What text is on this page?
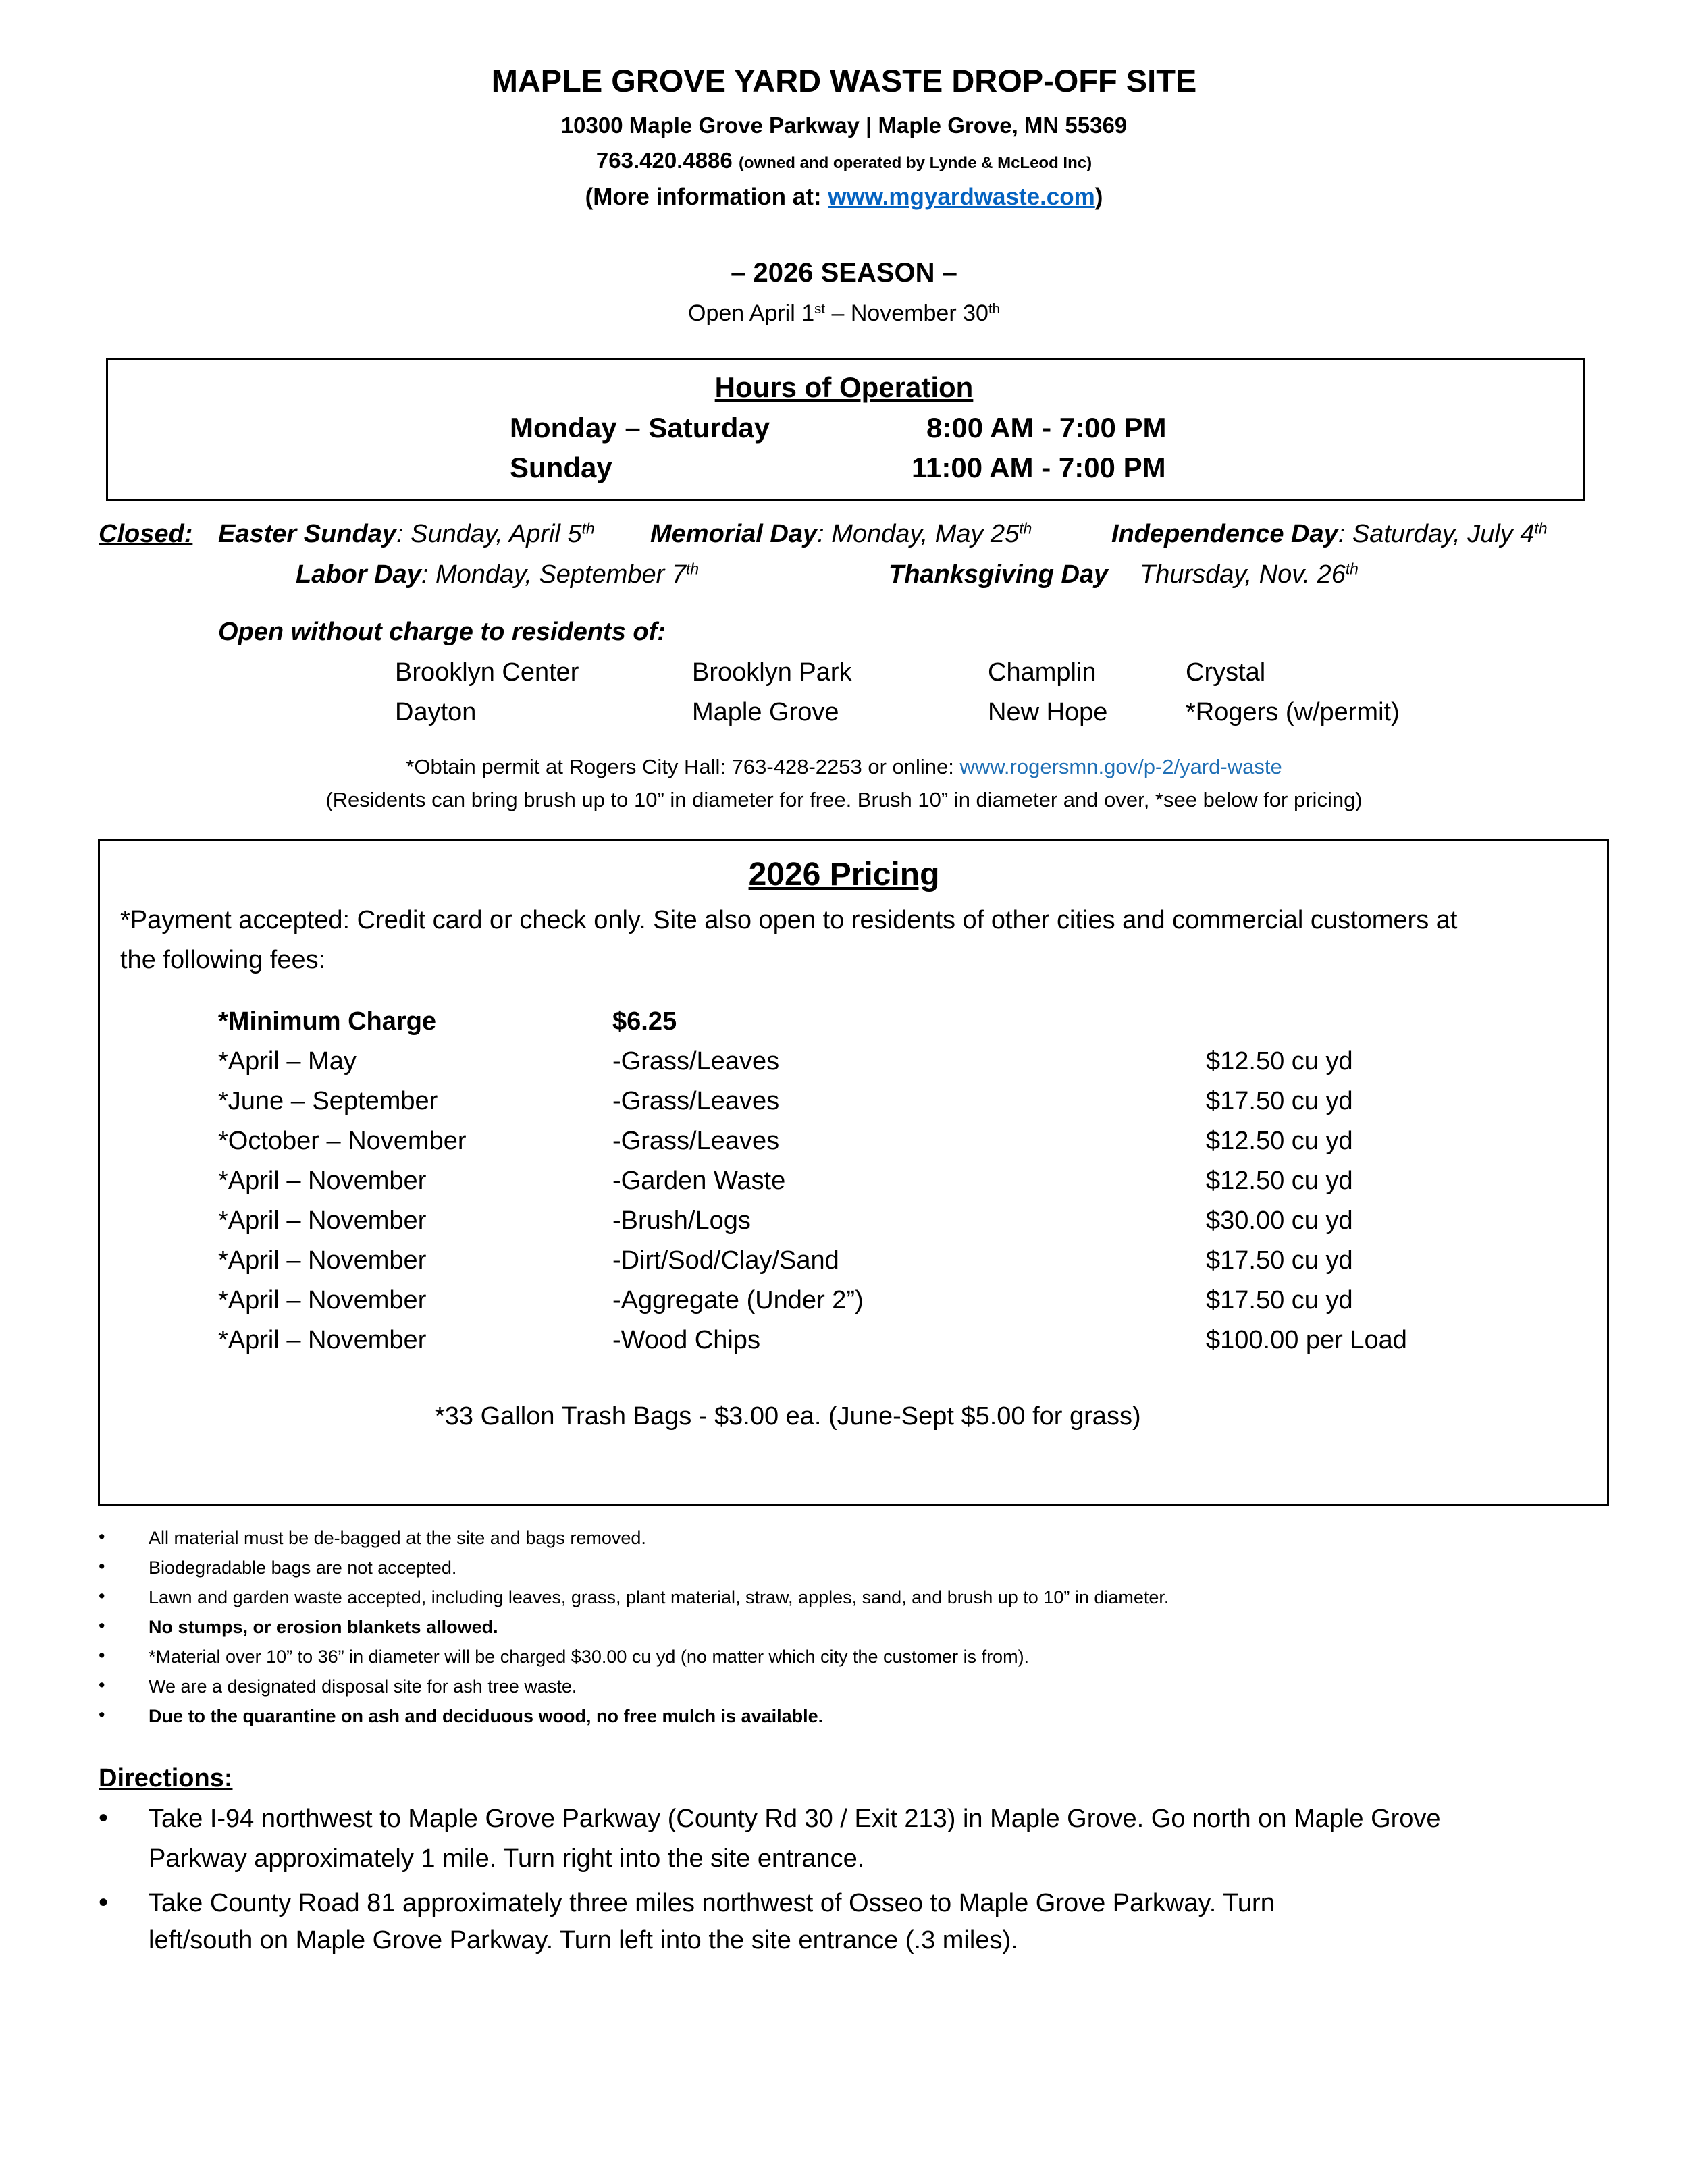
MAPLE GROVE YARD WASTE DROP-OFF SITE
10300 Maple Grove Parkway | Maple Grove, MN 55369
763.420.4886 (owned and operated by Lynde & McLeod Inc)
(More information at: www.mgyardwaste.com)
– 2026 SEASON –
Open April 1st – November 30th
Hours of Operation
Monday – Saturday	8:00 AM - 7:00 PM
Sunday	11:00 AM - 7:00 PM
Closed: Easter Sunday: Sunday, April 5th Memorial Day: Monday, May 25th	Independence Day: Saturday, July 4th
Labor Day: Monday, September 7th	Thanksgiving Day Thursday, Nov. 26th
Open without charge to residents of:
Brooklyn Center	Brooklyn Park	Champlin	Crystal
Dayton	Maple Grove	New Hope	*Rogers (w/permit)
*Obtain permit at Rogers City Hall: 763-428-2253 or online: www.rogersmn.gov/p-2/yard-waste
(Residents can bring brush up to 10” in diameter for free. Brush 10” in diameter and over, *see below for pricing)
2026 Pricing
*Payment accepted: Credit card or check only. Site also open to residents of other cities and commercial customers at
the following fees:
*Minimum Charge	$6.25
*April – May	-Grass/Leaves	$12.50 cu yd
*June – September	-Grass/Leaves	$17.50 cu yd
*October – November	-Grass/Leaves	$12.50 cu yd
*April – November	-Garden Waste	$12.50 cu yd
*April – November	-Brush/Logs	$30.00 cu yd
*April – November	-Dirt/Sod/Clay/Sand	$17.50 cu yd
*April – November	-Aggregate (Under 2”)	$17.50 cu yd
*April – November	-Wood Chips	$100.00 per Load
*33 Gallon Trash Bags - $3.00 ea. (June-Sept $5.00 for grass)
• All material must be de-bagged at the site and bags removed.
• Biodegradable bags are not accepted.
• Lawn and garden waste accepted, including leaves, grass, plant material, straw, apples, sand, and brush up to 10” in diameter.
• No stumps, or erosion blankets allowed.
• *Material over 10” to 36” in diameter will be charged $30.00 cu yd (no matter which city the customer is from).
• We are a designated disposal site for ash tree waste.
• Due to the quarantine on ash and deciduous wood, no free mulch is available.
Directions:
• Take I-94 northwest to Maple Grove Parkway (County Rd 30 / Exit 213) in Maple Grove. Go north on Maple Grove
Parkway approximately 1 mile. Turn right into the site entrance.
• Take County Road 81 approximately three miles northwest of Osseo to Maple Grove Parkway. Turn
left/south on Maple Grove Parkway. Turn left into the site entrance (.3 miles).
